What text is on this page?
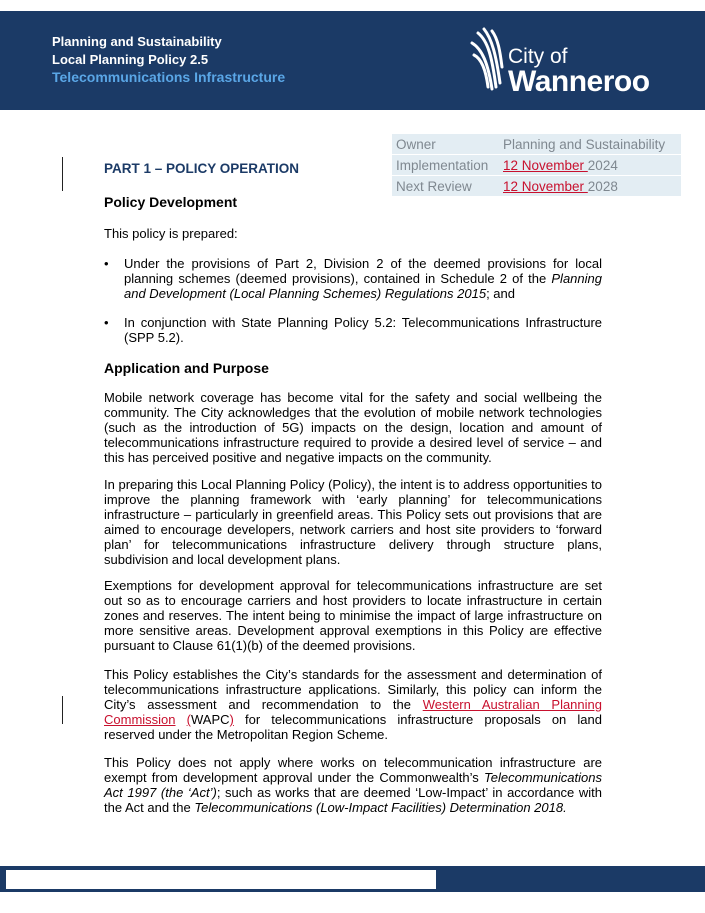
Planning and Sustainability
Local Planning Policy 2.5
Telecommunications Infrastructure
City of
Wanneroo
Owner	Planning and Sustainability
Implementation	12 November 2024
Next Review	12 November 2028
PART 1 – POLICY OPERATION
Policy Development

This policy is prepared:

• Under the provisions of Part 2, Division 2 of the deemed provisions for local planning schemes (deemed provisions), contained in Schedule 2 of the Planning and Development (Local Planning Schemes) Regulations 2015; and

• In conjunction with State Planning Policy 5.2: Telecommunications Infrastructure (SPP 5.2).

Application and Purpose

Mobile network coverage has become vital for the safety and social wellbeing the community. The City acknowledges that the evolution of mobile network technologies (such as the introduction of 5G) impacts on the design, location and amount of telecommunications infrastructure required to provide a desired level of service – and this has perceived positive and negative impacts on the community.

In preparing this Local Planning Policy (Policy), the intent is to address opportunities to improve the planning framework with ‘early planning’ for telecommunications infrastructure – particularly in greenfield areas. This Policy sets out provisions that are aimed to encourage developers, network carriers and host site providers to ‘forward plan’ for telecommunications infrastructure delivery through structure plans, subdivision and local development plans.

Exemptions for development approval for telecommunications infrastructure are set out so as to encourage carriers and host providers to locate infrastructure in certain zones and reserves. The intent being to minimise the impact of large infrastructure on more sensitive areas. Development approval exemptions in this Policy are effective pursuant to Clause 61(1)(b) of the deemed provisions.

This Policy establishes the City’s standards for the assessment and determination of telecommunications infrastructure applications. Similarly, this policy can inform the City’s assessment and recommendation to the Western Australian Planning Commission (WAPC) for telecommunications infrastructure proposals on land reserved under the Metropolitan Region Scheme.

This Policy does not apply where works on telecommunication infrastructure are exempt from development approval under the Commonwealth’s Telecommunications Act 1997 (the ‘Act’); such as works that are deemed ‘Low-Impact’ in accordance with the Act and the Telecommunications (Low-Impact Facilities) Determination 2018.
